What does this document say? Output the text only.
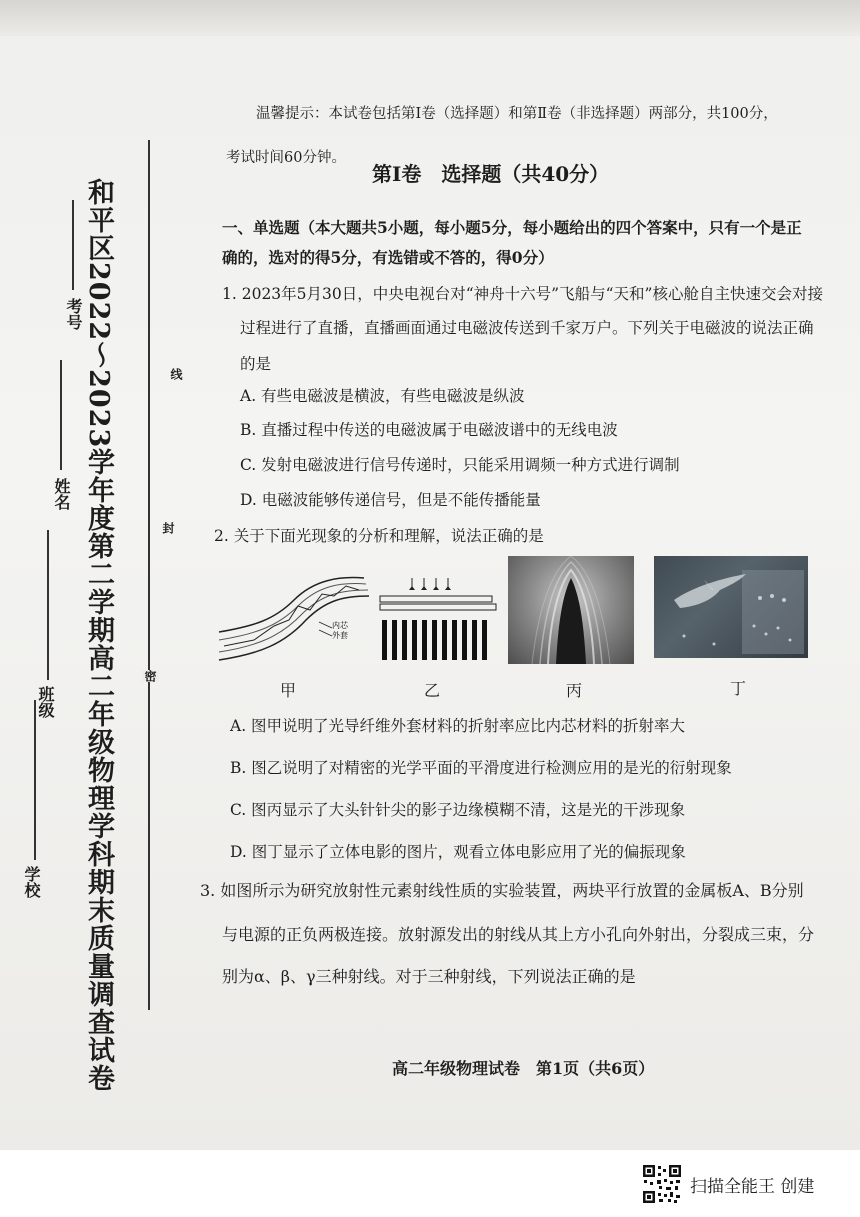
和平区2022～2023学年度第二学期高二年级物理学科期末质量调查试卷
学校
班级
姓名
考号
密
封
线
温馨提示：本试卷包括第Ⅰ卷（选择题）和第Ⅱ卷（非选择题）两部分，共100分，
考试时间60分钟。
第Ⅰ卷　选择题（共40分）
一、单选题（本大题共5小题，每小题5分，每小题给出的四个答案中，只有一个是正
确的，选对的得5分，有选错或不答的，得0分）
1. 2023年5月30日，中央电视台对“神舟十六号”飞船与“天和”核心舱自主快速交会对接
过程进行了直播，直播画面通过电磁波传送到千家万户。下列关于电磁波的说法正确
的是
A. 有些电磁波是横波，有些电磁波是纵波
B. 直播过程中传送的电磁波属于电磁波谱中的无线电波
C. 发射电磁波进行信号传递时，只能采用调频一种方式进行调制
D. 电磁波能够传递信号，但是不能传播能量
2. 关于下面光现象的分析和理解，说法正确的是
内芯
外套
甲	乙	丙	丁
A. 图甲说明了光导纤维外套材料的折射率应比内芯材料的折射率大
B. 图乙说明了对精密的光学平面的平滑度进行检测应用的是光的衍射现象
C. 图丙显示了大头针针尖的影子边缘模糊不清，这是光的干涉现象
D. 图丁显示了立体电影的图片，观看立体电影应用了光的偏振现象
3. 如图所示为研究放射性元素射线性质的实验装置，两块平行放置的金属板A、B分别
与电源的正负两极连接。放射源发出的射线从其上方小孔向外射出，分裂成三束，分
别为α、β、γ三种射线。对于三种射线，下列说法正确的是
高二年级物理试卷　第1页（共6页）
扫描全能王 创建
